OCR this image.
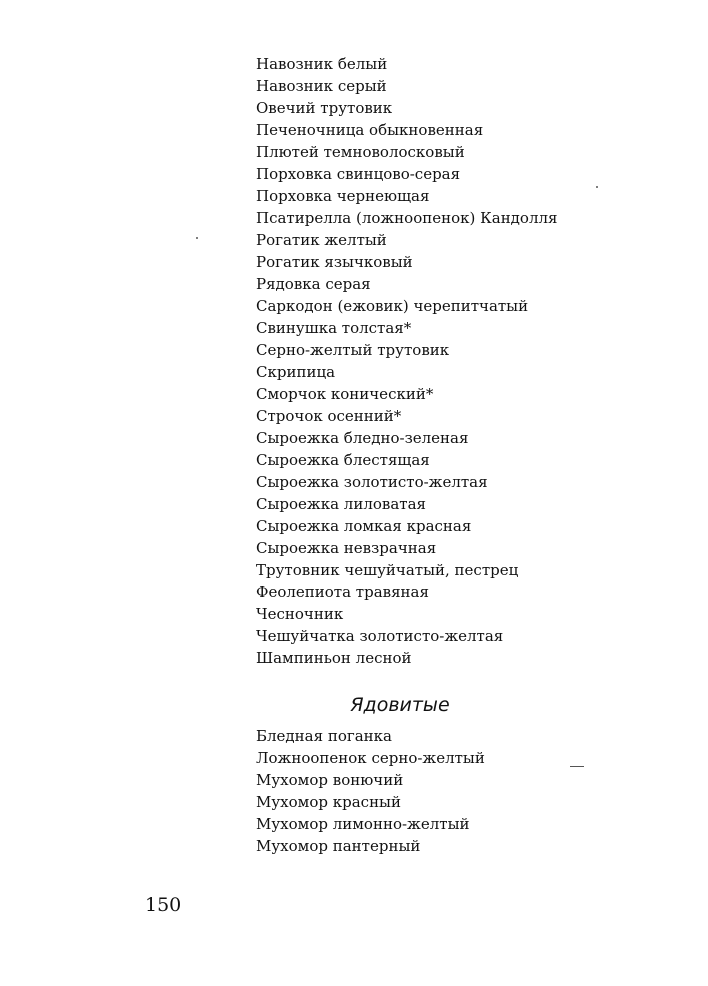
Навозник белый
Навозник серый
Овечий трутовик
Печеночница обыкновенная
Плютей темноволосковый
Порховка свинцово-серая
Порховка чернеющая
Псатирелла (ложноопенок) Кандолля
Рогатик желтый
Рогатик язычковый
Рядовка серая
Саркодон (ежовик) черепитчатый
Свинушка толстая*
Серно-желтый трутовик
Скрипица
Сморчок конический*
Строчок осенний*
Сыроежка бледно-зеленая
Сыроежка блестящая
Сыроежка золотисто-желтая
Сыроежка лиловатая
Сыроежка ломкая красная
Сыроежка невзрачная
Трутовник чешуйчатый, пестрец
Феолепиота травяная
Чесночник
Чешуйчатка золотисто-желтая
Шампиньон лесной
Ядовитые
Бледная поганка
Ложноопенок серно-желтый
Мухомор вонючий
Мухомор красный
Мухомор лимонно-желтый
Мухомор пантерный
150
